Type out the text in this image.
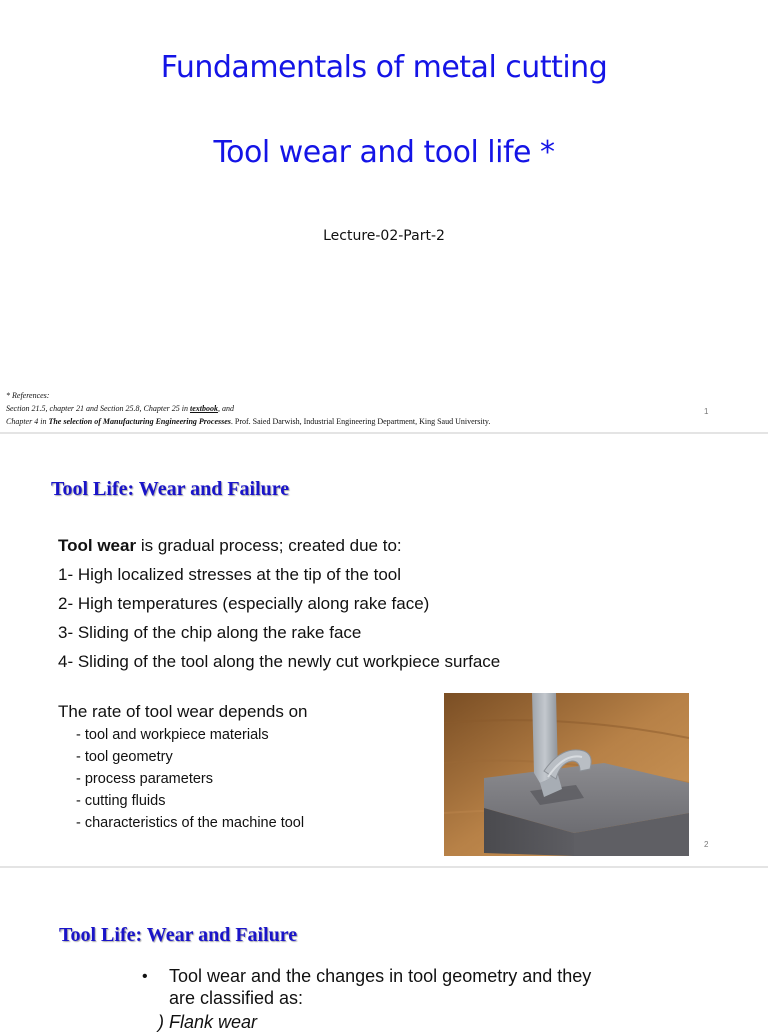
Fundamentals of metal cutting
Tool wear and tool life *
Lecture-02-Part-2
* References:
Section 21.5, chapter 21 and Section 25.8, Chapter 25 in textbook, and
Chapter 4 in The selection of Manufacturing Engineering Processes. Prof. Saied Darwish, Industrial Engineering Department, King Saud University.
1
Tool Life: Wear and Failure
Tool wear is gradual process; created due to:
1- High localized stresses at the tip of the tool
2- High temperatures (especially along rake face)
3- Sliding of the chip along the rake face
4- Sliding of the tool along the newly cut workpiece surface
The rate of tool wear depends on
- tool and workpiece materials
- tool geometry
- process parameters
- cutting fluids
- characteristics of the machine tool
2
Tool Life: Wear and Failure
• Tool wear and the changes in tool geometry and they
are classified as:
) Flank wear
